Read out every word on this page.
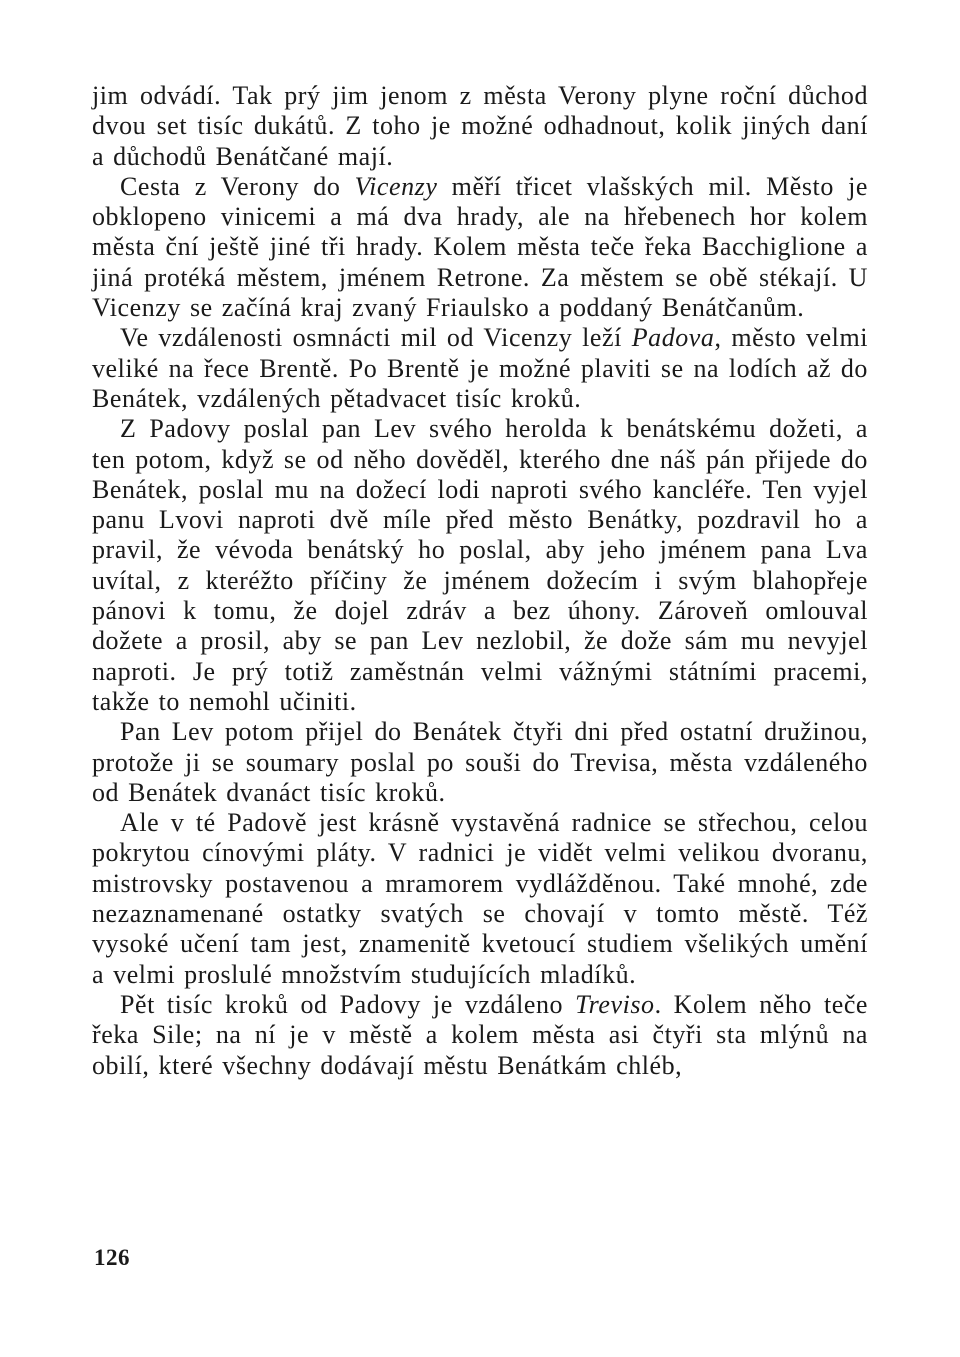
jim odvádí. Tak prý jim jenom z města Verony plyne roční důchod dvou set tisíc dukátů. Z toho je možné odhadnout, kolik jiných daní a důchodů Benátčané mají.

Cesta z Verony do Vicenzy měří třicet vlašských mil. Město je obklopeno vinicemi a má dva hrady, ale na hřebenech hor kolem města ční ještě jiné tři hrady. Kolem města teče řeka Bacchiglione a jiná protéká městem, jménem Retrone. Za městem se obě stékají. U Vicenzy se začíná kraj zvaný Friaulsko a poddaný Benátčanům.

Ve vzdálenosti osmnácti mil od Vicenzy leží Padova, město velmi veliké na řece Brentě. Po Brentě je možné plaviti se na lodích až do Benátek, vzdálených pětadvacet tisíc kroků.

Z Padovy poslal pan Lev svého herolda k benátskému dožeti, a ten potom, když se od něho dověděl, kterého dne náš pán přijede do Benátek, poslal mu na dožecí lodi naproti svého kancléře. Ten vyjel panu Lvovi naproti dvě míle před město Benátky, pozdravil ho a pravil, že vévoda benátský ho poslal, aby jeho jménem pana Lva uvítal, z kteréžto příčiny že jménem dožecím i svým blahopřeje pánovi k tomu, že dojel zdráv a bez úhony. Zároveň omlouval dožete a prosil, aby se pan Lev nezlobil, že dože sám mu nevyjel naproti. Je prý totiž zaměstnán velmi vážnými státními pracemi, takže to nemohl učiniti.

Pan Lev potom přijel do Benátek čtyři dni před ostatní družinou, protože ji se soumary poslal po souši do Trevisa, města vzdáleného od Benátek dvanáct tisíc kroků.

Ale v té Padově jest krásně vystavěná radnice se střechou, celou pokrytou cínovými pláty. V radnici je vidět velmi velikou dvoranu, mistrovsky postavenou a mramorem vydlážděnou. Také mnohé, zde nezaznamenané ostatky svatých se chovají v tomto městě. Též vysoké učení tam jest, znamenitě kvetoucí studiem všelikých umění a velmi proslulé množstvím studujících mladíků.

Pět tisíc kroků od Padovy je vzdáleno Treviso. Kolem něho teče řeka Sile; na ní je v městě a kolem města asi čtyři sta mlýnů na obilí, které všechny dodávají městu Benátkám chléb,

126
